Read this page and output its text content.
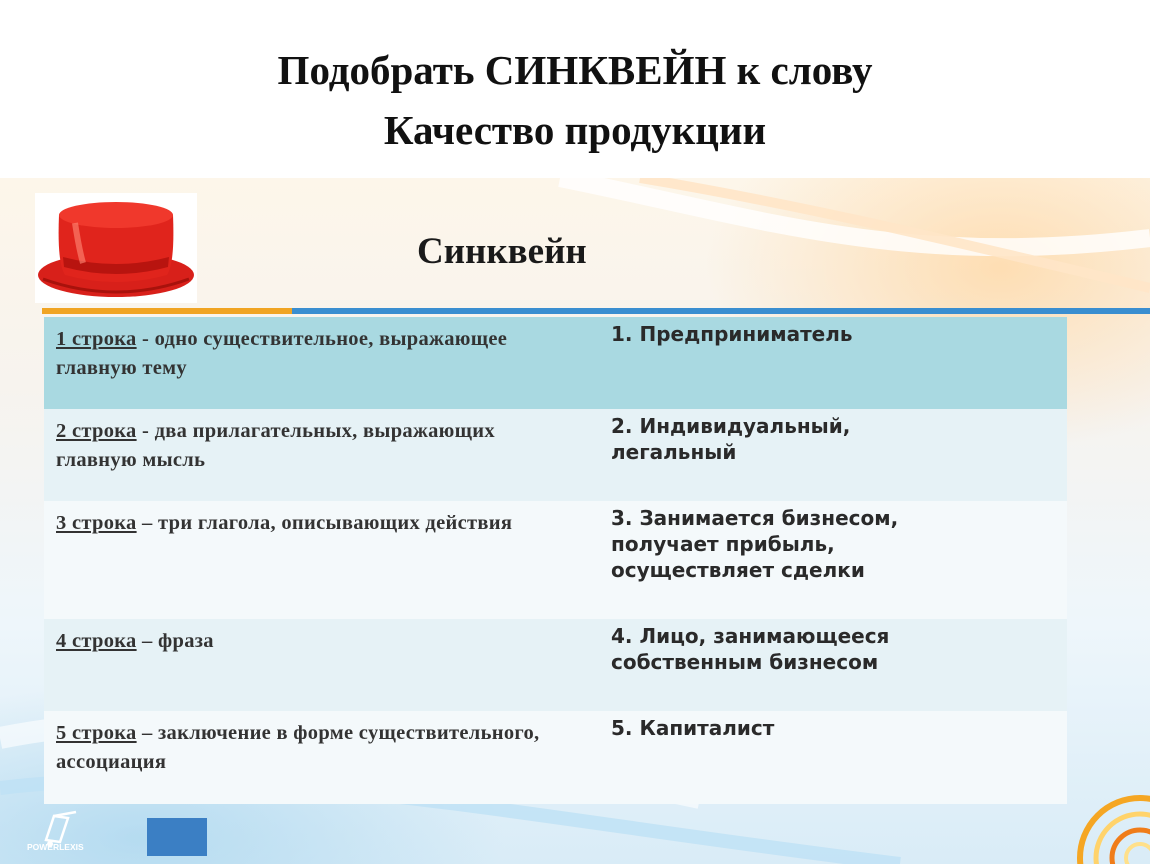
Подобрать СИНКВЕЙН к слову
Качество продукции
Синквейн
1 строка - одно существительное, выражающее главную тему
1. Предприниматель
2 строка - два прилагательных, выражающих главную мысль
2. Индивидуальный,
легальный
3 строка – три глагола, описывающих действия	3. Занимается бизнесом,
получает прибыль,
осуществляет сделки
4 строка – фраза	4. Лицо, занимающееся
собственным бизнесом
5 строка – заключение в форме существительного, ассоциация
5. Капиталист
POWERLEXIS
